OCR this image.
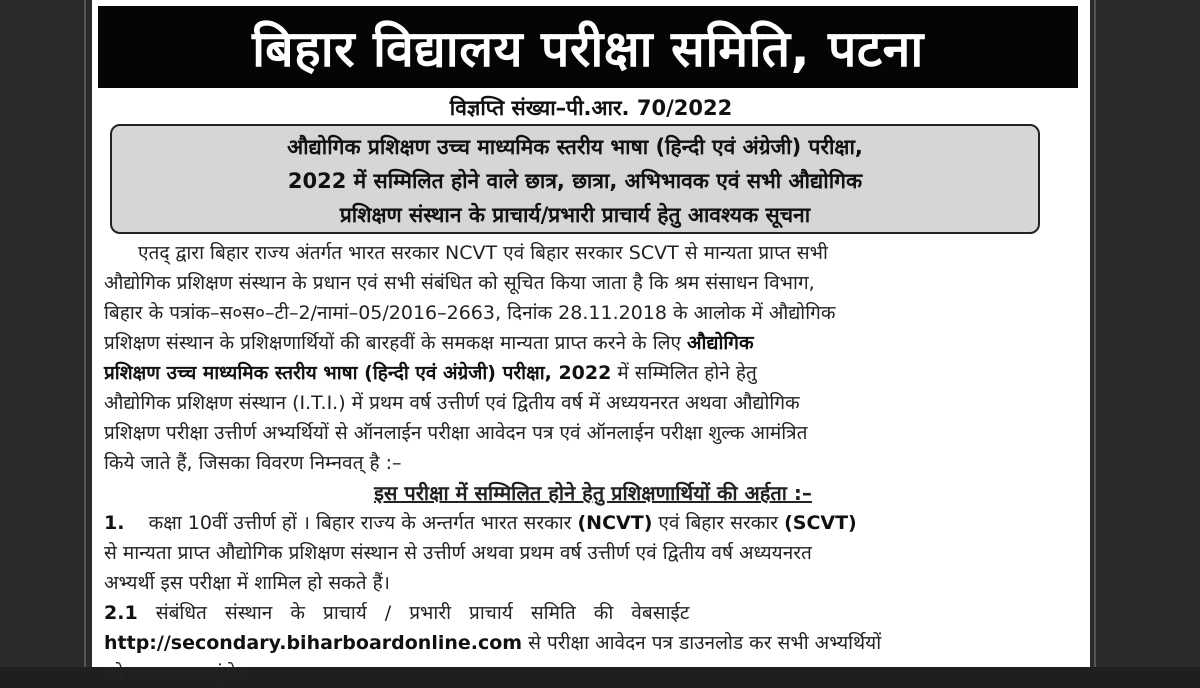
बिहार विद्यालय परीक्षा समिति, पटना
विज्ञप्ति संख्या–पी.आर. 70/2022
औद्योगिक प्रशिक्षण उच्च माध्यमिक स्तरीय भाषा (हिन्दी एवं अंग्रेजी) परीक्षा,
2022 में सम्मिलित होने वाले छात्र, छात्रा, अभिभावक एवं सभी औद्योगिक
प्रशिक्षण संस्थान के प्राचार्य/प्रभारी प्राचार्य हेतु आवश्यक सूचना
एतद् द्वारा बिहार राज्य अंतर्गत भारत सरकार NCVT एवं बिहार सरकार SCVT से मान्यता प्राप्त सभी
औद्योगिक प्रशिक्षण संस्थान के प्रधान एवं सभी संबंधित को सूचित किया जाता है कि श्रम संसाधन विभाग,
बिहार के पत्रांक–स०स०–टी–2/नामां–05/2016–2663, दिनांक 28.11.2018 के आलोक में औद्योगिक
प्रशिक्षण संस्थान के प्रशिक्षणार्थियों की बारहवीं के समकक्ष मान्यता प्राप्त करने के लिए औद्योगिक
प्रशिक्षण उच्च माध्यमिक स्तरीय भाषा (हिन्दी एवं अंग्रेजी) परीक्षा, 2022 में सम्मिलित होने हेतु
औद्योगिक प्रशिक्षण संस्थान (I.T.I.) में प्रथम वर्ष उत्तीर्ण एवं द्वितीय वर्ष में अध्ययनरत अथवा औद्योगिक
प्रशिक्षण परीक्षा उत्तीर्ण अभ्यर्थियों से ऑनलाईन परीक्षा आवेदन पत्र एवं ऑनलाईन परीक्षा शुल्क आमंत्रित
किये जाते हैं, जिसका विवरण निम्नवत् है :–
इस परीक्षा में सम्मिलित होने हेतु प्रशिक्षणार्थियों की अर्हता :–
1. कक्षा 10वीं उत्तीर्ण हों । बिहार राज्य के अन्तर्गत भारत सरकार (NCVT) एवं बिहार सरकार (SCVT)
से मान्यता प्राप्त औद्योगिक प्रशिक्षण संस्थान से उत्तीर्ण अथवा प्रथम वर्ष उत्तीर्ण एवं द्वितीय वर्ष अध्ययनरत
अभ्यर्थी इस परीक्षा में शामिल हो सकते हैं।
2.1 संबंधित संस्थान के प्राचार्य / प्रभारी प्राचार्य समिति की वेबसाईट
http://secondary.biharboardonline.com से परीक्षा आवेदन पत्र डाउनलोड कर सभी अभ्यर्थियों
को उपलब्ध कराएंगे।
